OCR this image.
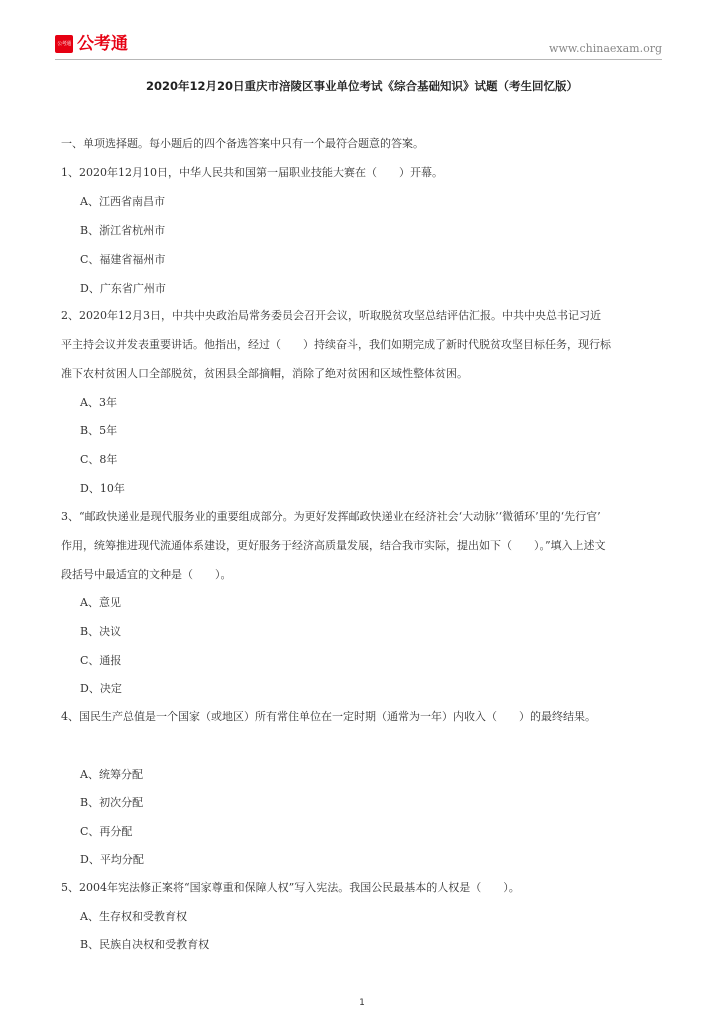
公考通 公考通	www.chinaexam.org
2020年12月20日重庆市涪陵区事业单位考试《综合基础知识》试题（考生回忆版）
一、单项选择题。每小题后的四个备选答案中只有一个最符合题意的答案。
1、2020年12月10日，中华人民共和国第一届职业技能大赛在（　　）开幕。
A、江西省南昌市
B、浙江省杭州市
C、福建省福州市
D、广东省广州市
2、2020年12月3日，中共中央政治局常务委员会召开会议，听取脱贫攻坚总结评估汇报。中共中央总书记习近
平主持会议并发表重要讲话。他指出，经过（　　）持续奋斗，我们如期完成了新时代脱贫攻坚目标任务，现行标
准下农村贫困人口全部脱贫，贫困县全部摘帽，消除了绝对贫困和区域性整体贫困。
A、3年
B、5年
C、8年
D、10年
3、“邮政快递业是现代服务业的重要组成部分。为更好发挥邮政快递业在经济社会‘大动脉’‘微循环’里的‘先行官’
作用，统筹推进现代流通体系建设，更好服务于经济高质量发展，结合我市实际，提出如下（　　）。”填入上述文
段括号中最适宜的文种是（　　）。
A、意见
B、决议
C、通报
D、决定
4、国民生产总值是一个国家（或地区）所有常住单位在一定时期（通常为一年）内收入（　　）的最终结果。
A、统筹分配
B、初次分配
C、再分配
D、平均分配
5、2004年宪法修正案将“国家尊重和保障人权”写入宪法。我国公民最基本的人权是（　　）。
A、生存权和受教育权
B、民族自决权和受教育权
1
